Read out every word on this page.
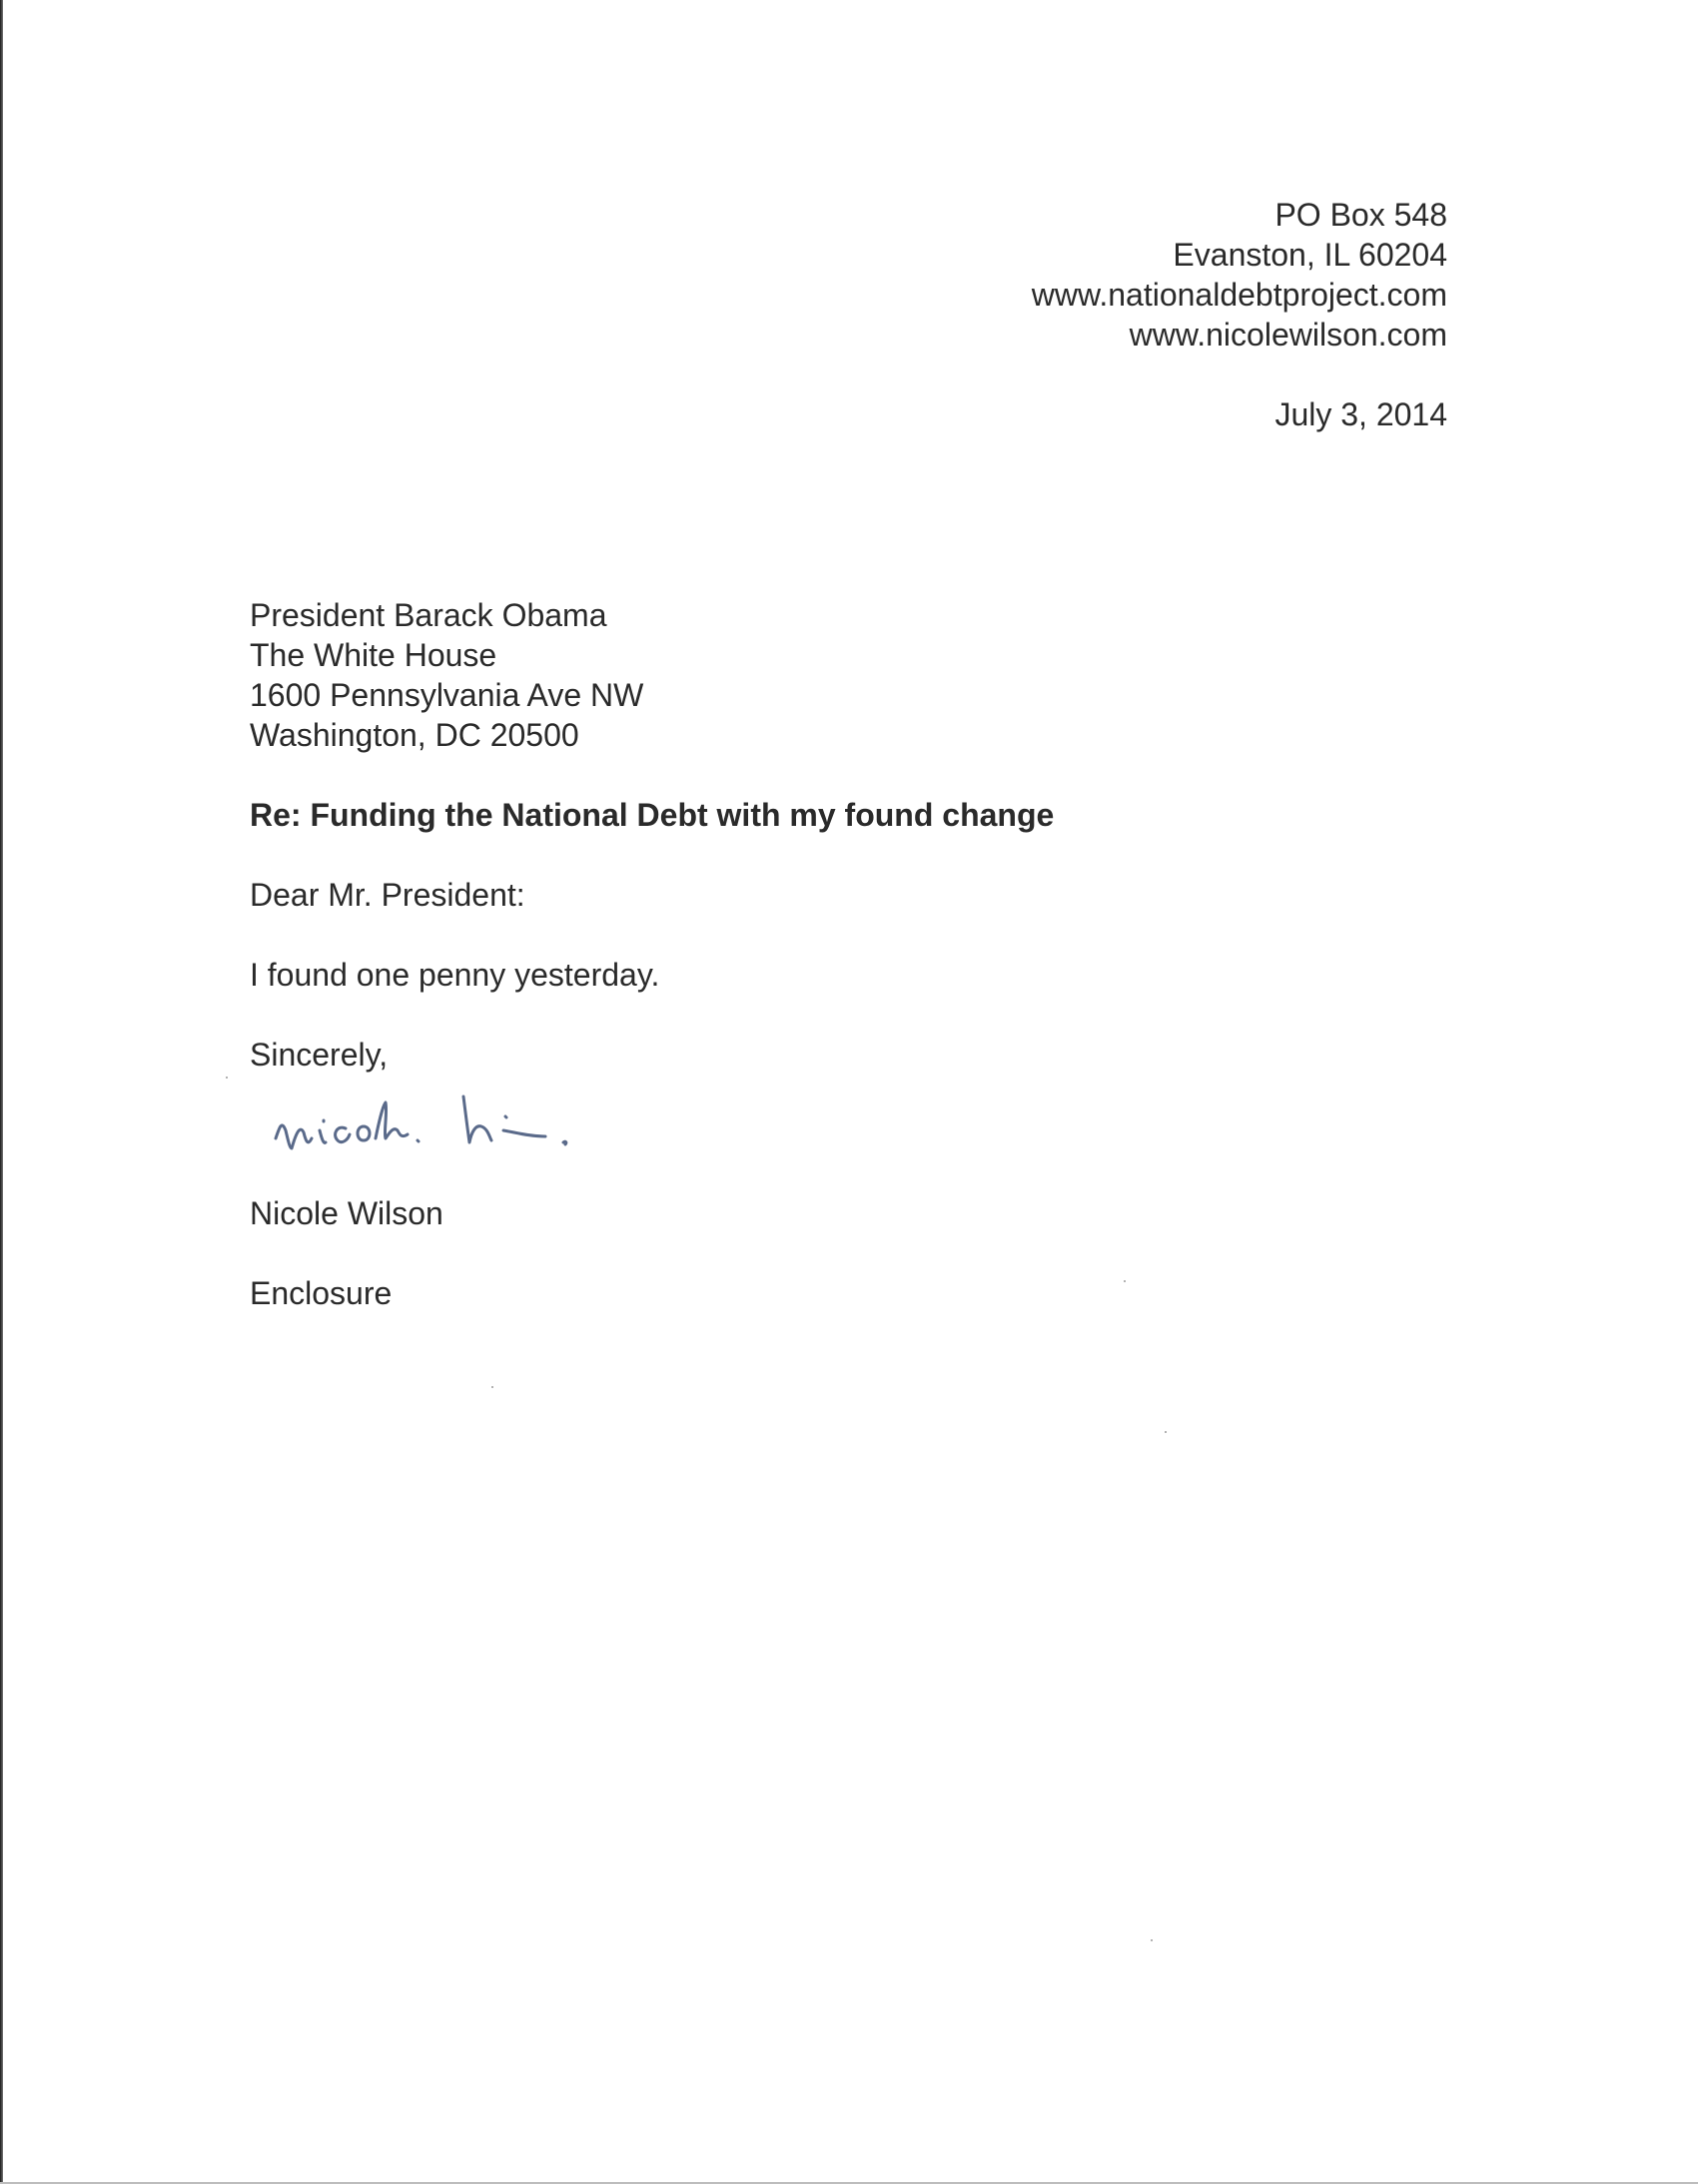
PO Box 548

Evanston, IL 60204

www.nationaldebtproject.com

www.nicolewilson.com

July 3, 2014

President Barack Obama

The White House

1600 Pennsylvania Ave NW

Washington, DC 20500

Re: Funding the National Debt with my found change

Dear Mr. President:

I found one penny yesterday.

Sincerely,

Nicole Wilson

Enclosure
